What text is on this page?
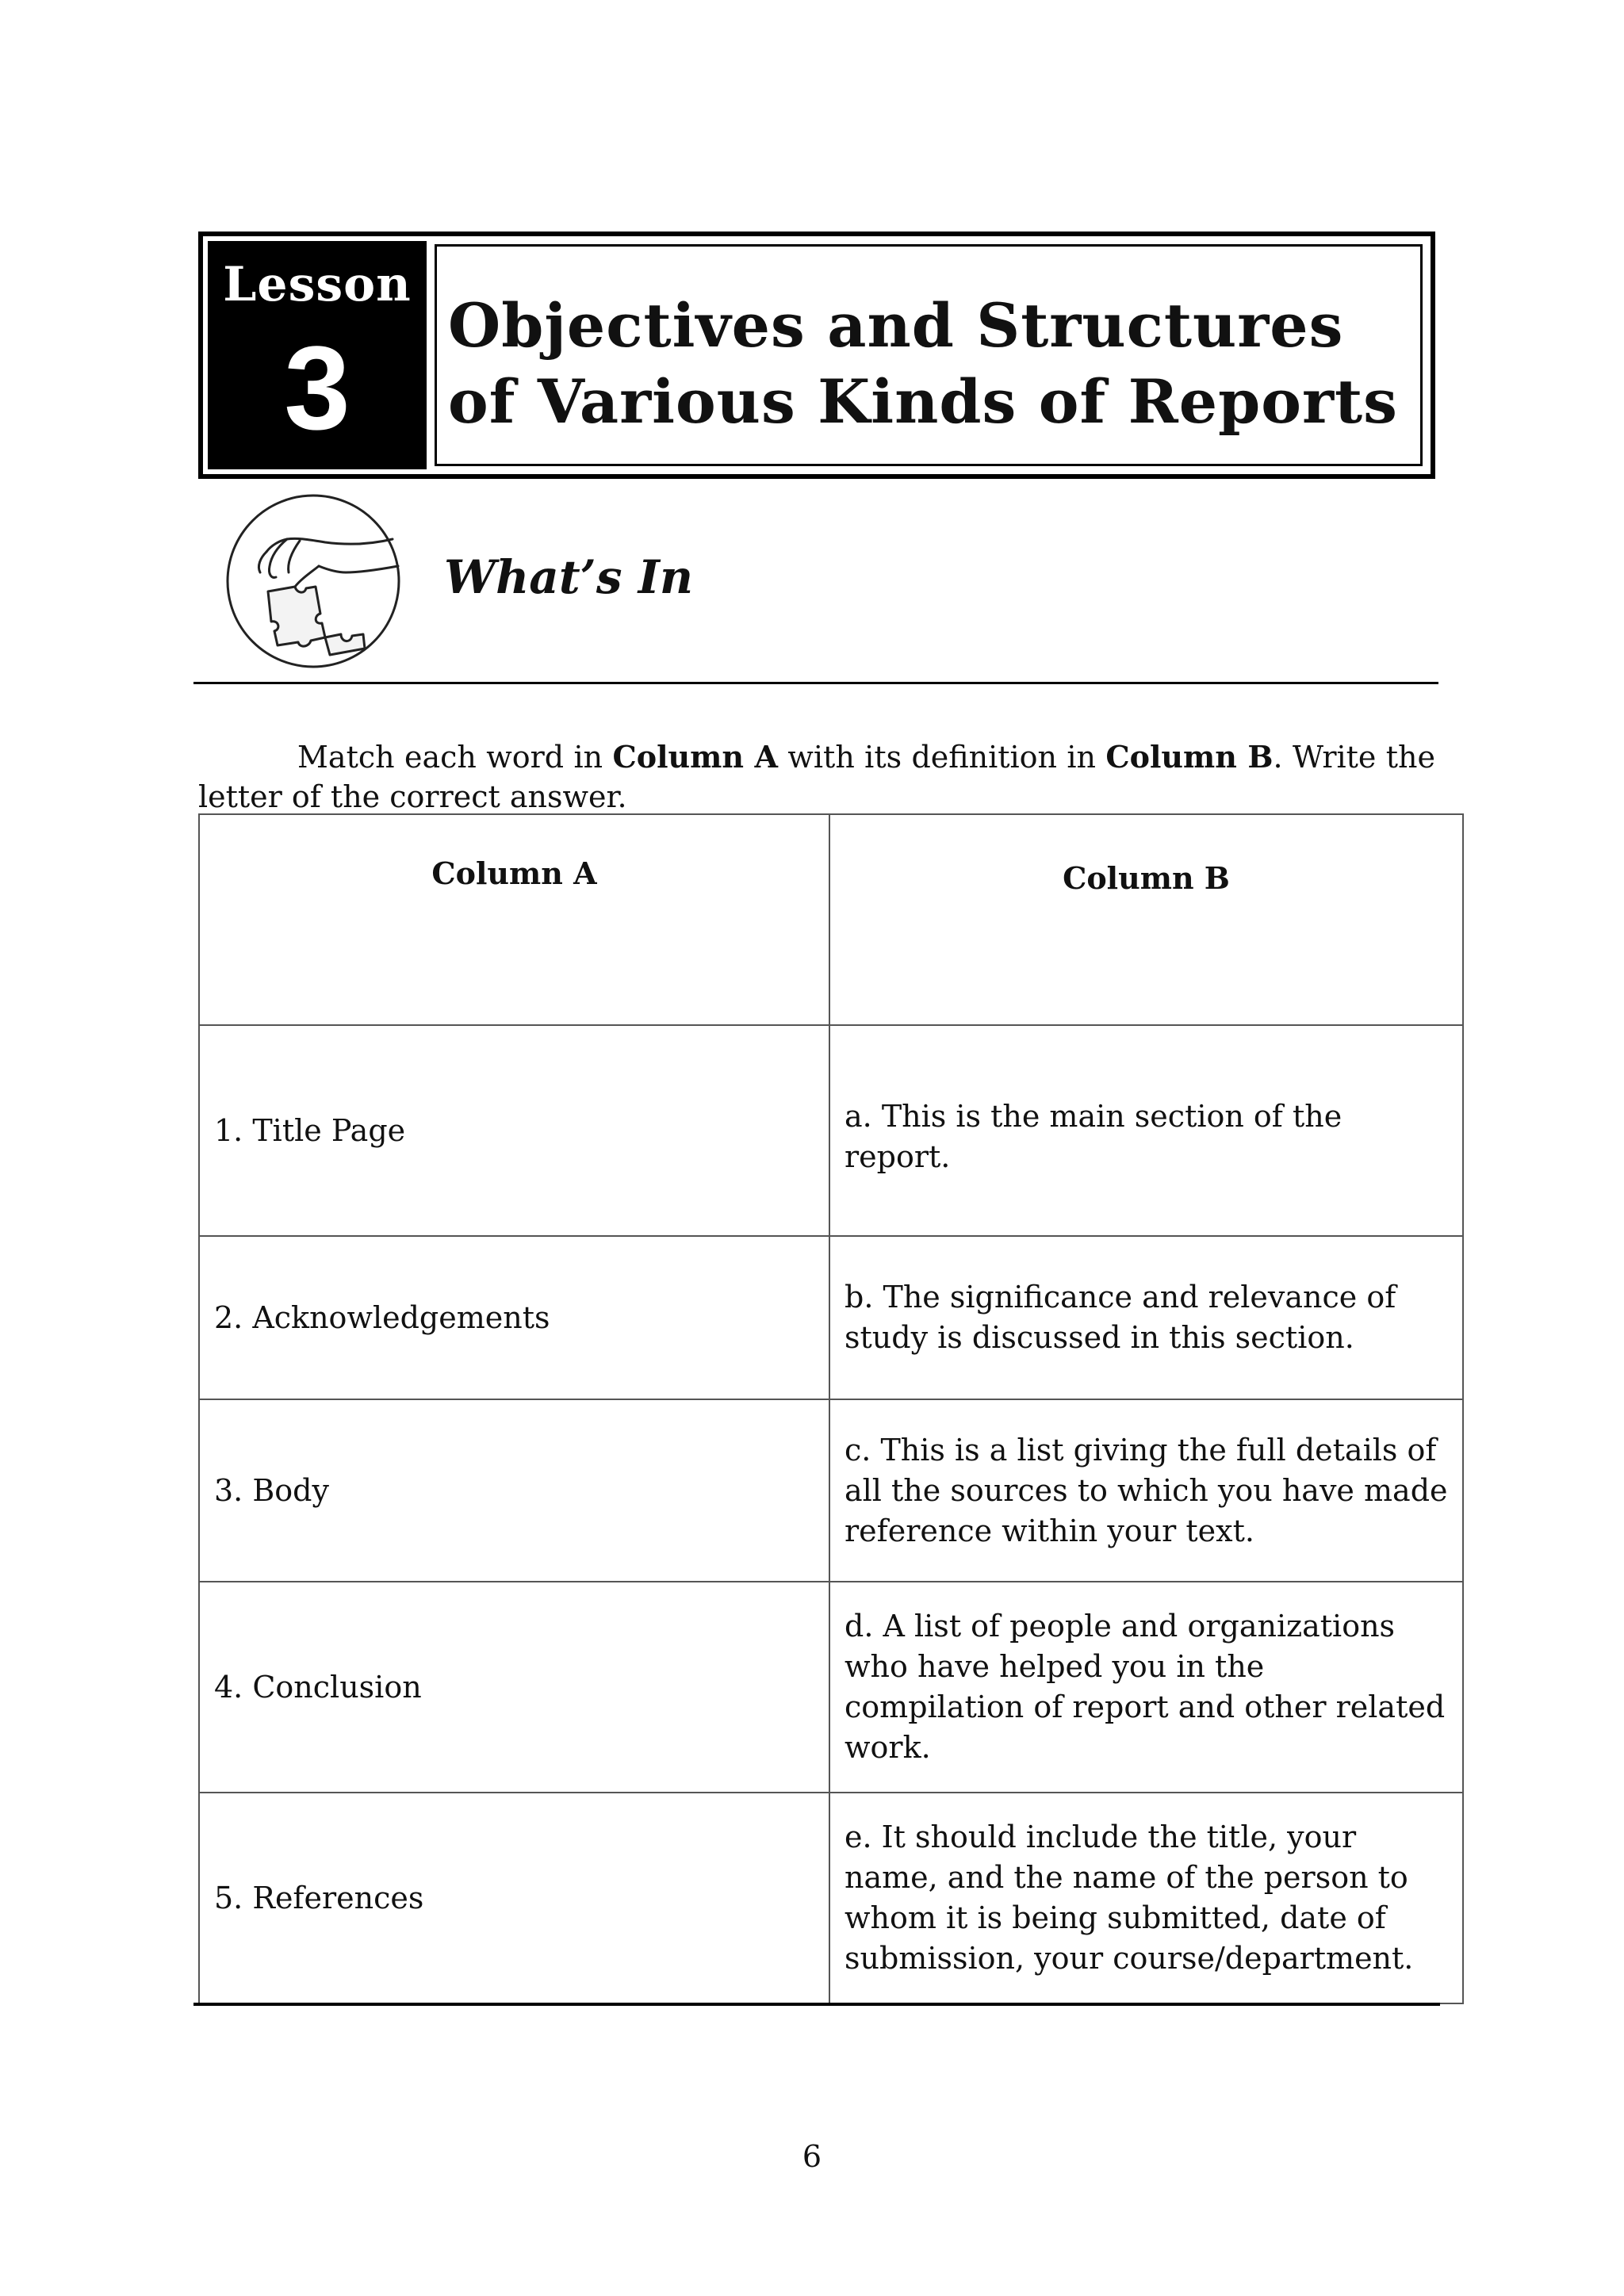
Lesson
3	Objectives and Structures
of Various Kinds of Reports
What’s In

Match each word in Column A with its definition in Column B. Write the letter of the correct answer.

Column A	Column B
1. Title Page	a. This is the main section of the report.
2. Acknowledgements	b. The significance and relevance of study is discussed in this section.
3. Body	c. This is a list giving the full details of all the sources to which you have made reference within your text.
4. Conclusion	d. A list of people and organizations who have helped you in the compilation of report and other related work.
5. References	e. It should include the title, your name, and the name of the person to whom it is being submitted, date of submission, your course/department.
6
